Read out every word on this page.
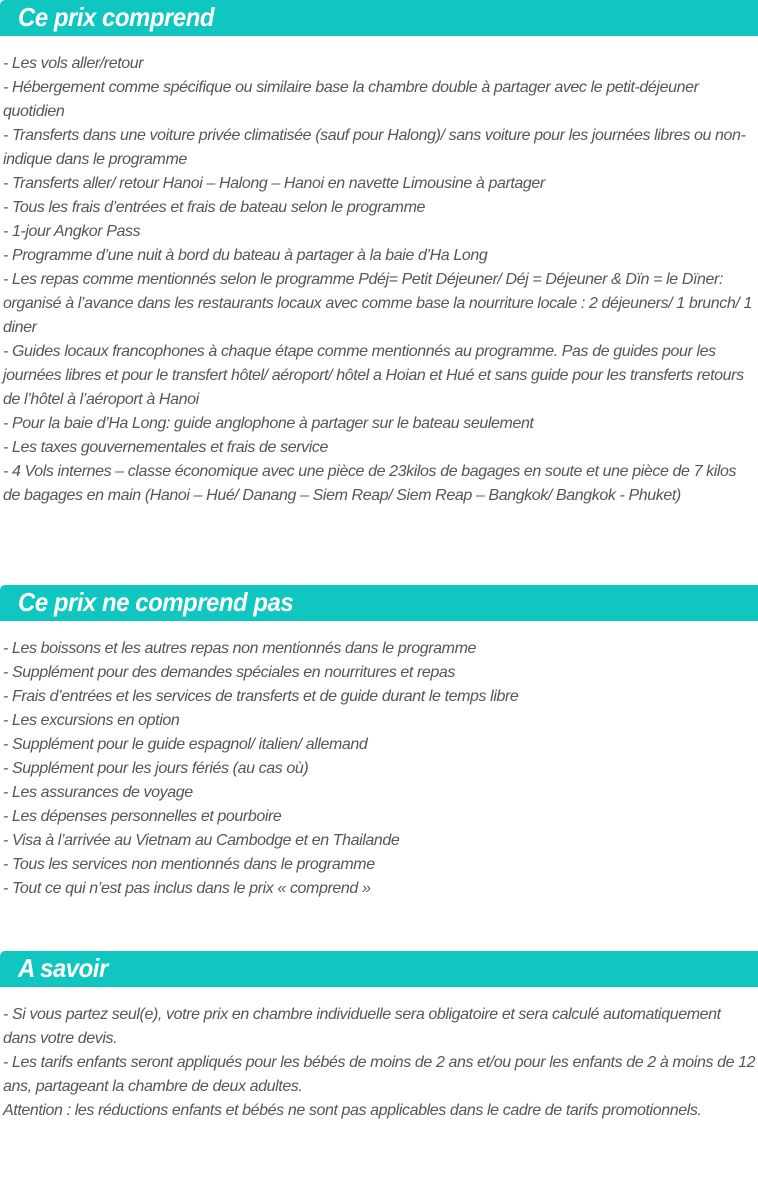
Ce prix comprend

- Les vols aller/retour

- Hébergement comme spécifique ou similaire base la chambre double à partager avec le petit-déjeuner quotidien

- Transferts dans une voiture privée climatisée (sauf pour Halong)/ sans voiture pour les journées libres ou non-indique dans le programme

- Transferts aller/ retour Hanoi – Halong – Hanoi en navette Limousine à partager

- Tous les frais d’entrées et frais de bateau selon le programme

- 1-jour Angkor Pass

- Programme d’une nuit à bord du bateau à partager à la baie d’Ha Long

- Les repas comme mentionnés selon le programme Pdéj= Petit Déjeuner/ Déj = Déjeuner & Dïn = le Dïner: organisé à l’avance dans les restaurants locaux avec comme base la nourriture locale : 2 déjeuners/ 1 brunch/ 1 diner

- Guides locaux francophones à chaque étape comme mentionnés au programme. Pas de guides pour les journées libres et pour le transfert hôtel/ aéroport/ hôtel a Hoian et Hué et sans guide pour les transferts retours de l’hôtel à l’aéroport à Hanoi

- Pour la baie d’Ha Long: guide anglophone à partager sur le bateau seulement

- Les taxes gouvernementales et frais de service

- 4 Vols internes – classe économique avec une pièce de 23kilos de bagages en soute et une pièce de 7 kilos de bagages en main (Hanoi – Hué/ Danang – Siem Reap/ Siem Reap – Bangkok/ Bangkok - Phuket)

Ce prix ne comprend pas

- Les boissons et les autres repas non mentionnés dans le programme

- Supplément pour des demandes spéciales en nourritures et repas

- Frais d’entrées et les services de transferts et de guide durant le temps libre

- Les excursions en option

- Supplément pour le guide espagnol/ italien/ allemand

- Supplément pour les jours fériés (au cas où)

- Les assurances de voyage

- Les dépenses personnelles et pourboire

- Visa à l’arrivée au Vietnam au Cambodge et en Thailande

- Tous les services non mentionnés dans le programme

- Tout ce qui n’est pas inclus dans le prix « comprend »

A savoir

- Si vous partez seul(e), votre prix en chambre individuelle sera obligatoire et sera calculé automatiquement dans votre devis.

- Les tarifs enfants seront appliqués pour les bébés de moins de 2 ans et/ou pour les enfants de 2 à moins de 12 ans, partageant la chambre de deux adultes.

Attention : les réductions enfants et bébés ne sont pas applicables dans le cadre de tarifs promotionnels.
